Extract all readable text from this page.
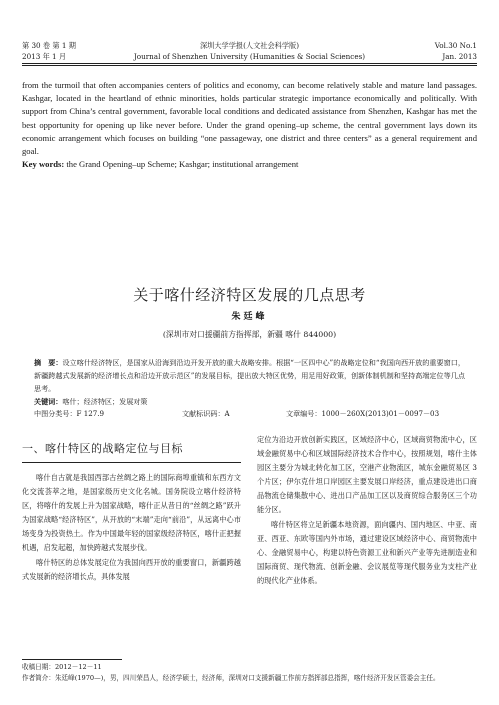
第 30 卷 第 1 期
2013 年 1 月
深圳大学学报(人文社会科学版)
Journal of Shenzhen University (Humanities & Social Sciences)
Vol.30 No.1
Jan. 2013

from the turmoil that often accompanies centers of politics and economy, can become relatively stable and mature land passages. Kashgar, located in the heartland of ethnic minorities, holds particular strategic importance economically and politically. With support from China’s central government, favorable local conditions and dedicated assistance from Shenzhen, Kashgar has met the best opportunity for opening up like never before. Under the grand opening–up scheme, the central government lays down its economic arrangement which focuses on building “one passageway, one district and three centers” as a general requirement and goal.

Key words: the Grand Opening–up Scheme; Kashgar; institutional arrangement

关于喀什经济特区发展的几点思考
朱廷峰
(深圳市对口援疆前方指挥部，新疆 喀什 844000)

摘　要：设立喀什经济特区，是国家从沿海到沿边开发开放的重大战略安排。根据“一区四中心”的战略定位和“我国向西开放的重要窗口，新疆跨越式发展新的经济增长点和沿边开放示范区”的发展目标，提出放大特区优势，用足用好政策，创新体制机制和坚持高端定位等几点思考。

关键词：喀什；经济特区；发展对策

中图分类号：F 127.9	文献标识码：A	文章编号：1000－260X(2013)01－0097－03
一、喀什特区的战略定位与目标

喀什自古就是我国西部古丝绸之路上的国际商埠重镇和东西方文化交流荟萃之地，是国家级历史文化名城。国务院设立喀什经济特区，将喀什的发展上升为国家战略，喀什正从昔日的“丝绸之路”跃升为国家战略“经济特区”，从开放的“末端”走向“前沿”，从远离中心市场变身为投资热土。作为中国最年轻的国家级经济特区，喀什正把握机遇，启发起超，加快跨越式发展步伐。

喀什特区的总体发展定位为我国向西开放的重要窗口，新疆跨越式发展新的经济增长点，具体发展

定位为沿边开放创新实践区，区域经济中心，区域商贸物流中心，区域金融贸易中心和区域国际经济技术合作中心，按照规划，喀什主体园区主要分为城北转化加工区，空港产业物流区，城东金融贸易区 3 个片区；伊尔克什坦口岸园区主要发展口岸经济，重点建设进出口商品物流仓储集散中心、进出口产品加工区以及商贸综合服务区三个功能分区。

喀什特区将立足新疆本地资源，面向疆内、国内地区、中亚、南亚、西亚、东欧等国内外市场，通过建设区域经济中心、商贸物流中心、金融贸易中心，构建以特色资源工业和新兴产业等先进制造业和国际商贸、现代物流、创新金融、会议展览等现代服务业为支柱产业的现代化产业体系。

收稿日期：2012－12－11

作者简介：朱廷峰(1970—)，男，四川荣昌人，经济学硕士，经济师，深圳对口支援新疆工作前方指挥部总指挥，喀什经济开发区管委会主任。
